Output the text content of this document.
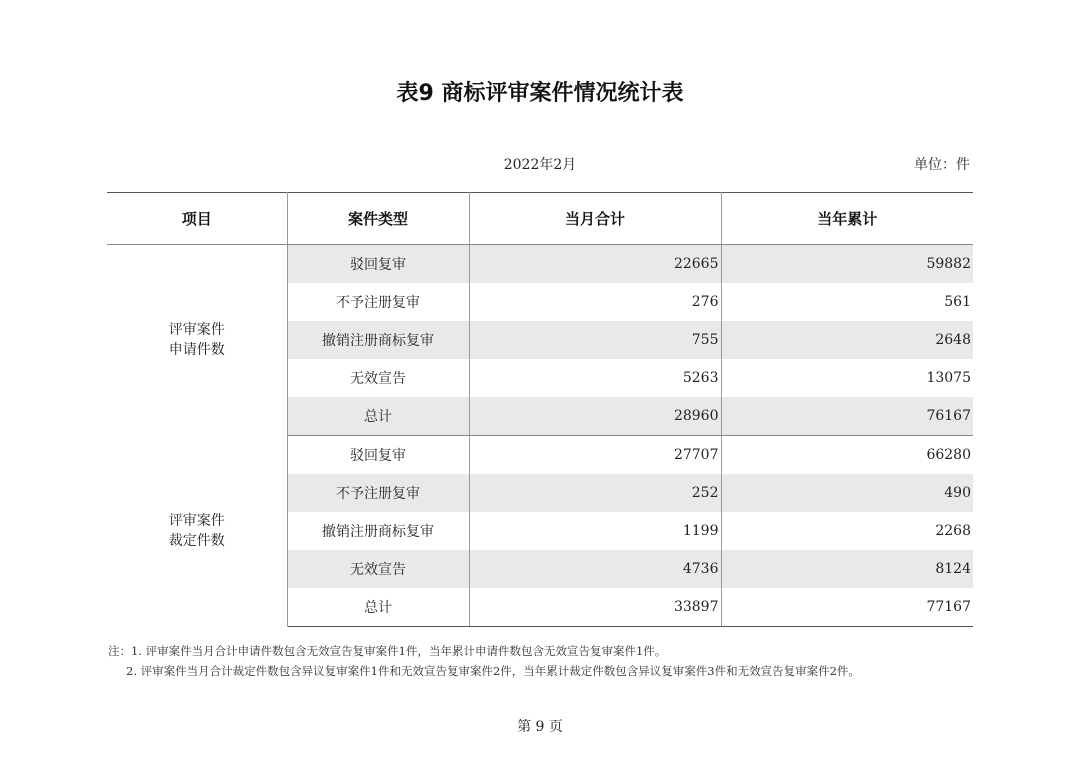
表9 商标评审案件情况统计表
2022年2月	单位：件
项目	案件类型	当月合计	当年累计
评审案件
申请件数	驳回复审	22665	59882
	不予注册复审	276	561
	撤销注册商标复审	755	2648
	无效宣告	5263	13075
	总计	28960	76167
评审案件
裁定件数	驳回复审	27707	66280
	不予注册复审	252	490
	撤销注册商标复审	1199	2268
	无效宣告	4736	8124
	总计	33897	77167
注：1. 评审案件当月合计申请件数包含无效宣告复审案件1件，当年累计申请件数包含无效宣告复审案件1件。
2. 评审案件当月合计裁定件数包含异议复审案件1件和无效宣告复审案件2件，当年累计裁定件数包含异议复审案件3件和无效宣告复审案件2件。
第 9 页
